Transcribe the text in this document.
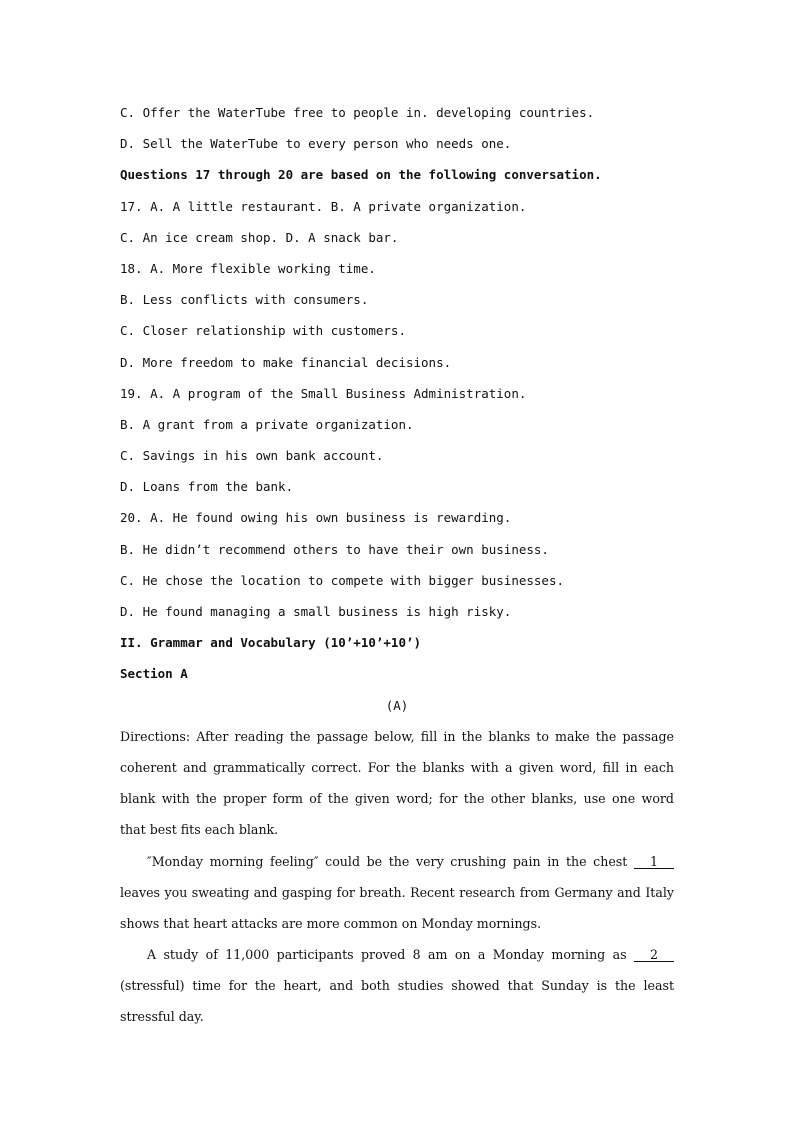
C. Offer the WaterTube free to people in. developing countries.
D. Sell the WaterTube to every person who needs one.
Questions 17 through 20 are based on the following conversation.
17. A. A little restaurant. B. A private organization.
C. An ice cream shop. D. A snack bar.
18. A. More flexible working time.
B. Less conflicts with consumers.
C. Closer relationship with customers.
D. More freedom to make financial decisions.
19. A. A program of the Small Business Administration.
B. A grant from a private organization.
C. Savings in his own bank account.
D. Loans from the bank.
20. A. He found owing his own business is rewarding.
B. He didn’t recommend others to have their own business.
C. He chose the location to compete with bigger businesses.
D. He found managing a small business is high risky.
II. Grammar and Vocabulary (10’+10’+10’)
Section A
(A)
Directions: After reading the passage below, fill in the blanks to make the passage
coherent and grammatically correct. For the blanks with a given word, fill in each
blank with the proper form of the given word; for the other blanks, use one word
that best fits each blank.
″Monday morning feeling″ could be the very crushing pain in the chest     1
leaves you sweating and gasping for breath. Recent research from Germany and Italy
shows that heart attacks are more common on Monday mornings.
A study of 11,000 participants proved 8 am on a Monday morning as     2
(stressful) time for the heart, and both studies showed that Sunday is the least
stressful day.
